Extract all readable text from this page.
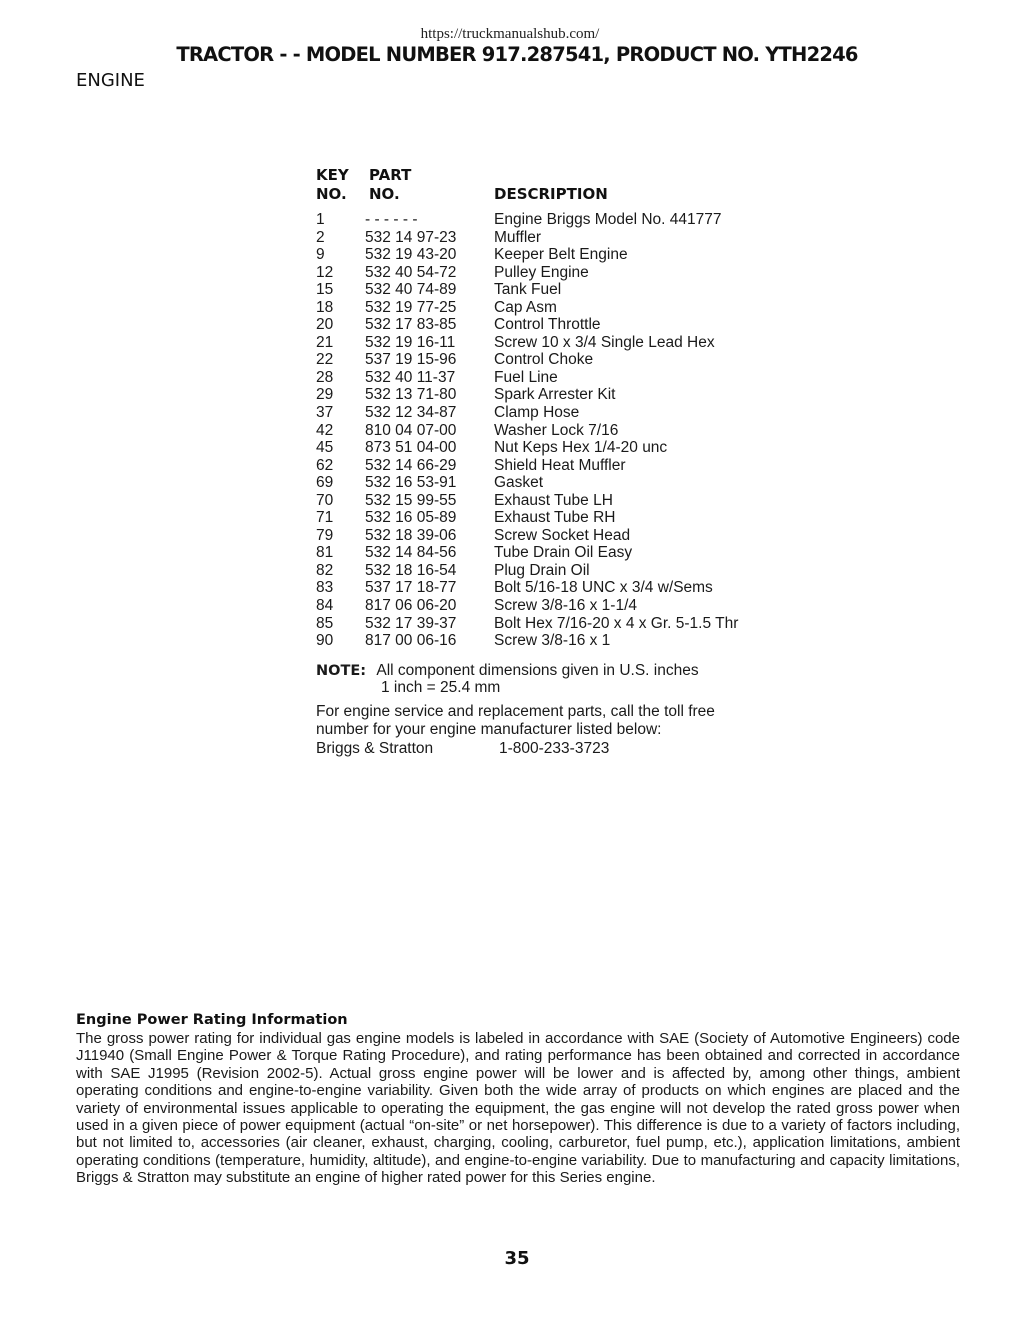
https://truckmanualshub.com/
TRACTOR - - MODEL NUMBER 917.287541, PRODUCT NO. YTH2246
ENGINE
KEY
NO.
PART
NO.	DESCRIPTION
1	- - - - - -	Engine Briggs Model No. 441777
2	532 14 97-23 Muffler
9	532 19 43-20 Keeper Belt Engine
12 532 40 54-72 Pulley Engine
15 532 40 74-89 Tank Fuel
18 532 19 77-25 Cap Asm
20 532 17 83-85 Control Throttle
21 532 19 16-11	Screw 10 x 3/4 Single Lead Hex
22 537 19 15-96 Control Choke
28 532 40 11-37	Fuel Line
29 532 13 71-80 Spark Arrester Kit
37 532 12 34-87 Clamp Hose
42 810 04 07-00 Washer Lock 7/16
45 873 51 04-00 Nut Keps Hex 1/4-20 unc
62 532 14 66-29 Shield Heat Muffler
69 532 16 53-91 Gasket
70 532 15 99-55 Exhaust Tube LH
71 532 16 05-89 Exhaust Tube RH
79 532 18 39-06 Screw Socket Head
81 532 14 84-56 Tube Drain Oil Easy
82 532 18 16-54 Plug Drain Oil
83 537 17 18-77 Bolt 5/16-18 UNC x 3/4 w/Sems
84 817 06 06-20 Screw 3/8-16 x 1-1/4
85 532 17 39-37 Bolt Hex 7/16-20 x 4 x Gr. 5-1.5 Thr
90 817 00 06-16 Screw 3/8-16 x 1
NOTE: All component dimensions given in U.S. inches
1 inch = 25.4 mm
For engine service and replacement parts, call the toll free number for your engine manufacturer listed below:
Briggs & Stratton	1-800-233-3723
Engine Power Rating Information
The gross power rating for individual gas engine models is labeled in accordance with SAE (Society of Automotive Engineers) code J11940 (Small Engine Power & Torque Rating Procedure), and rating performance has been obtained and corrected in accordance with SAE J1995 (Revision 2002-5). Actual gross engine power will be lower and is affected by, among other things, ambient operating conditions and engine-to-engine variability. Given both the wide array of products on which engines are placed and the variety of environmental issues applicable to operating the equipment, the gas engine will not develop the rated gross power when used in a given piece of power equipment (actual “on-site” or net horsepower). This difference is due to a variety of factors including, but not limited to, accessories (air cleaner, exhaust, charging, cooling, carburetor, fuel pump, etc.), application limitations, ambient operating conditions (temperature, humidity, altitude), and engine-to-engine variability. Due to manufacturing and capacity limitations, Briggs & Stratton may substitute an engine of higher rated power for this Series engine.
35
